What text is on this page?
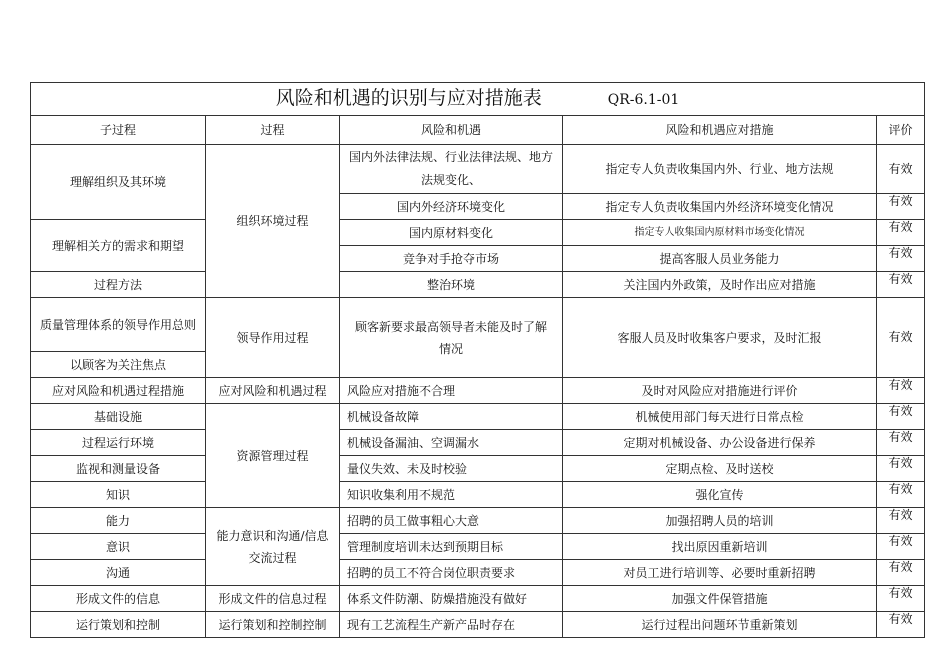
风险和机遇的识别与应对措施表 QR-6.1-01				
子过程	过程	风险和机遇	风险和机遇应对措施	评价
理解组织及其环境	组织环境过程	国内外法律法规、行业法律法规、地方法规变化、	指定专人负责收集国内外、行业、地方法规	有效
		国内外经济环境变化	指定专人负责收集国内外经济环境变化情况	有效
理解相关方的需求和期望		国内原材料变化	指定专人收集国内原材料市场变化情况	有效
		竞争对手抢夺市场	提高客服人员业务能力	有效
过程方法		整治环境	关注国内外政策，及时作出应对措施	有效
质量管理体系的领导作用总则	领导作用过程	顾客新要求最高领导者未能及时了解情况	客服人员及时收集客户要求，及时汇报	有效
以顾客为关注焦点				
应对风险和机遇过程措施	应对风险和机遇过程	风险应对措施不合理	及时对风险应对措施进行评价	有效
基础设施	资源管理过程	机械设备故障	机械使用部门每天进行日常点检	有效
过程运行环境		机械设备漏油、空调漏水	定期对机械设备、办公设备进行保养	有效
监视和测量设备		量仪失效、未及时校验	定期点检、及时送校	有效
知识		知识收集利用不规范	强化宣传	有效
能力	能力意识和沟通/信息交流过程	招聘的员工做事粗心大意	加强招聘人员的培训	有效
意识		管理制度培训未达到预期目标	找出原因重新培训	有效
沟通		招聘的员工不符合岗位职责要求	对员工进行培训等、必要时重新招聘	有效
形成文件的信息	形成文件的信息过程	体系文件防潮、防燥措施没有做好	加强文件保管措施	有效
运行策划和控制	运行策划和控制控制	现有工艺流程生产新产品时存在	运行过程出问题环节重新策划	有效
